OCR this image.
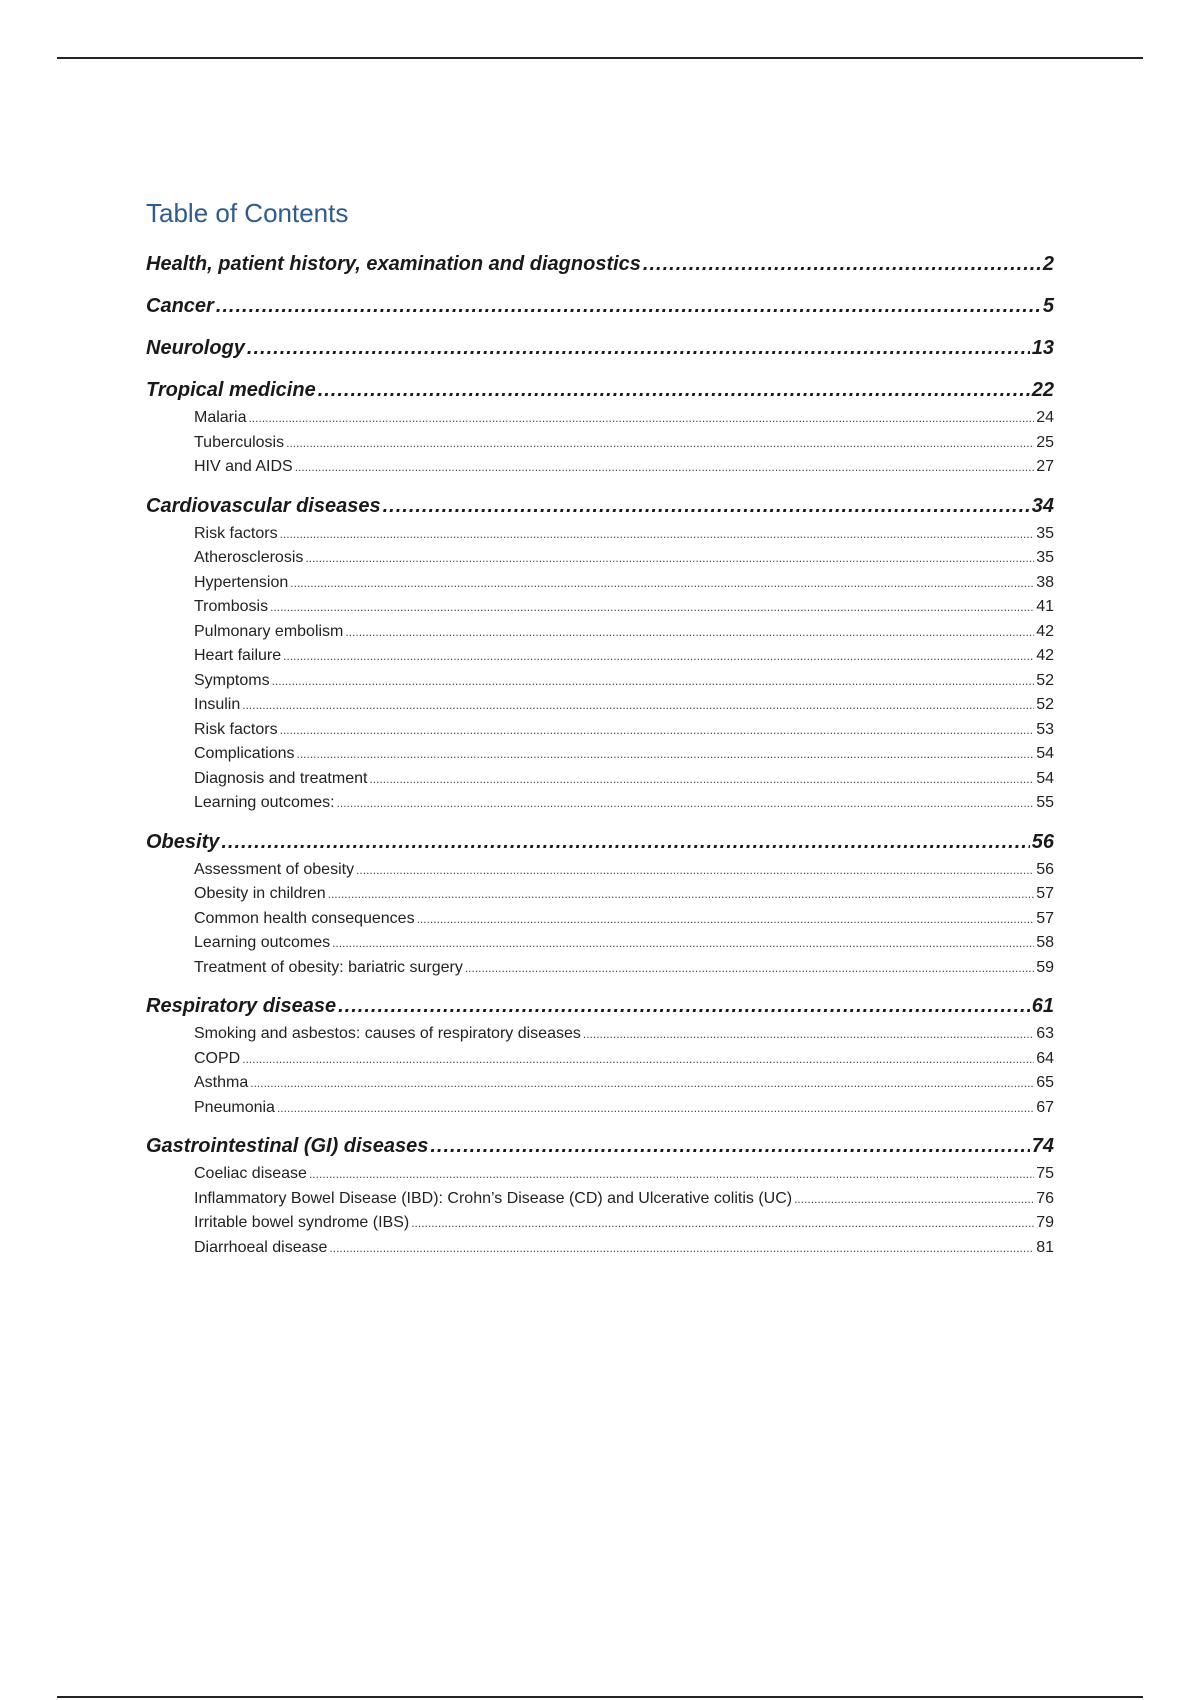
Table of Contents
Health, patient history, examination and diagnostics .....	2
Cancer .....	5
Neurology .....	13
Tropical medicine .....	22
Malaria .....	24
Tuberculosis .....	25
HIV and AIDS .....	27
Cardiovascular diseases .....	34
Risk factors .....	35
Atherosclerosis .....	35
Hypertension .....	38
Trombosis .....	41
Pulmonary embolism .....	42
Heart failure .....	42
Symptoms .....	52
Insulin .....	52
Risk factors .....	53
Complications .....	54
Diagnosis and treatment .....	54
Learning outcomes: .....	55
Obesity .....	56
Assessment of obesity .....	56
Obesity in children .....	57
Common health consequences .....	57
Learning outcomes .....	58
Treatment of obesity: bariatric surgery .....	59
Respiratory disease .....	61
Smoking and asbestos: causes of respiratory diseases .....	63
COPD .....	64
Asthma .....	65
Pneumonia .....	67
Gastrointestinal (GI) diseases .....	74
Coeliac disease .....	75
Inflammatory Bowel Disease (IBD): Crohn’s Disease (CD) and Ulcerative colitis (UC) .....	76
Irritable bowel syndrome (IBS) .....	79
Diarrhoeal disease .....	81
